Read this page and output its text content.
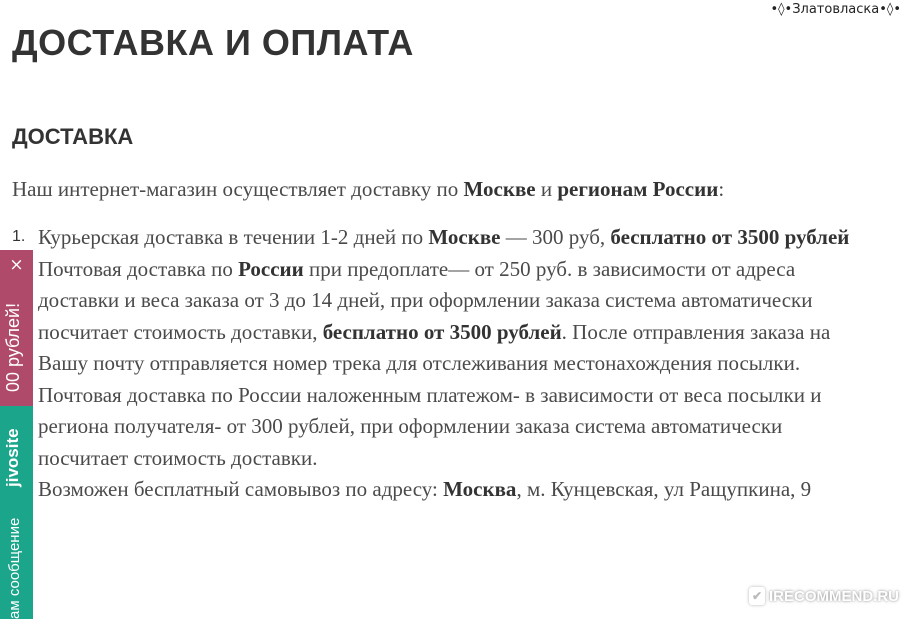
•◊•Златовласка•◊•
ДОСТАВКА И ОПЛАТА
ДОСТАВКА

Наш интернет-магазин осуществляет доставку по Москве и регионам России:

1. Курьерская доставка в течении 1-2 дней по Москве — 300 руб, бесплатно от 3500 рублей

Почтовая доставка по России при предоплате— от 250 руб. в зависимости от адреса доставки и веса заказа от 3 до 14 дней, при оформлении заказа система автоматически посчитает стоимость доставки, бесплатно от 3500 рублей. После отправления заказа на Вашу почту отправляется номер трека для отслеживания местонахождения посылки.

Почтовая доставка по России наложенным платежом- в зависимости от веса посылки и региона получателя- от 300 рублей, при оформлении заказа система автоматически посчитает стоимость доставки.

Возможен бесплатный самовывоз по адресу: Москва, м. Кунцевская, ул Ращупкина, 9

×
00 рублей!
jivosite
ам сообщение	✔ IRECOMMEND.RU
